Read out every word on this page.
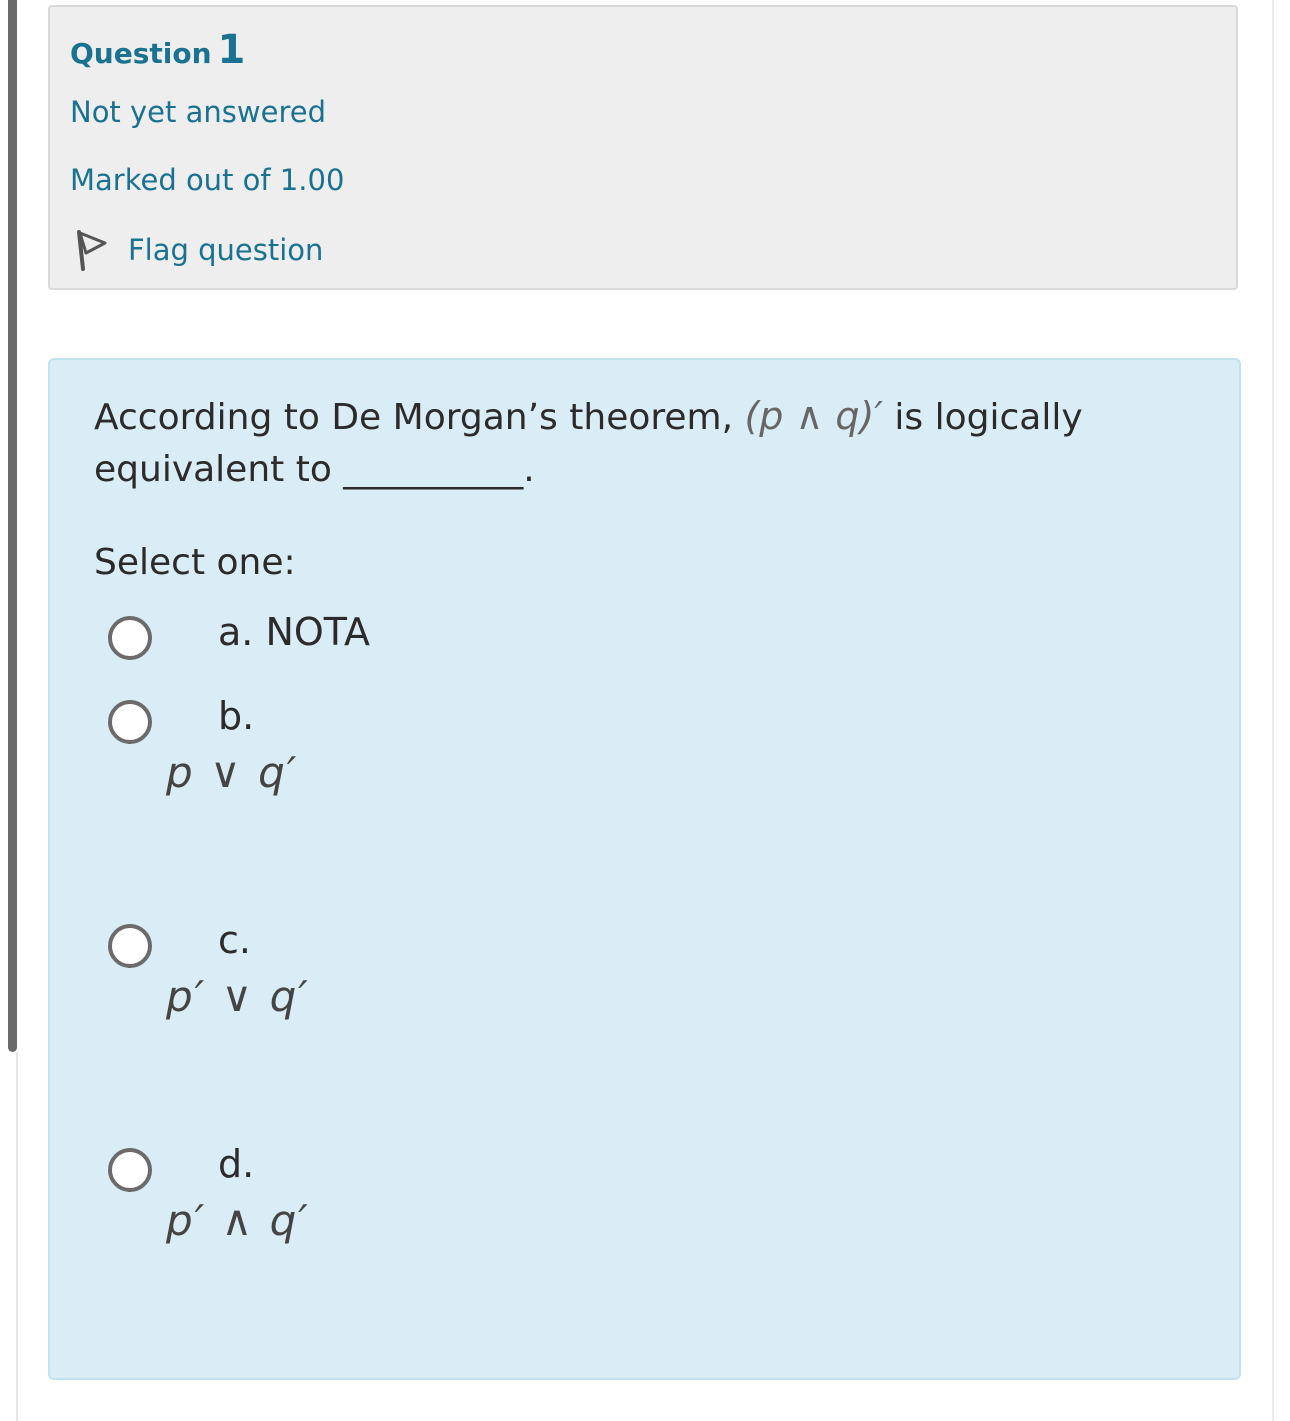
Question 1
Not yet answered
Marked out of 1.00
Flag question
According to De Morgan’s theorem, (p ∧ q)′ is logically equivalent to __________.
Select one:
a. NOTA
b.
p ∨ q′
c.
p′ ∨ q′
d.
p′ ∧ q′
